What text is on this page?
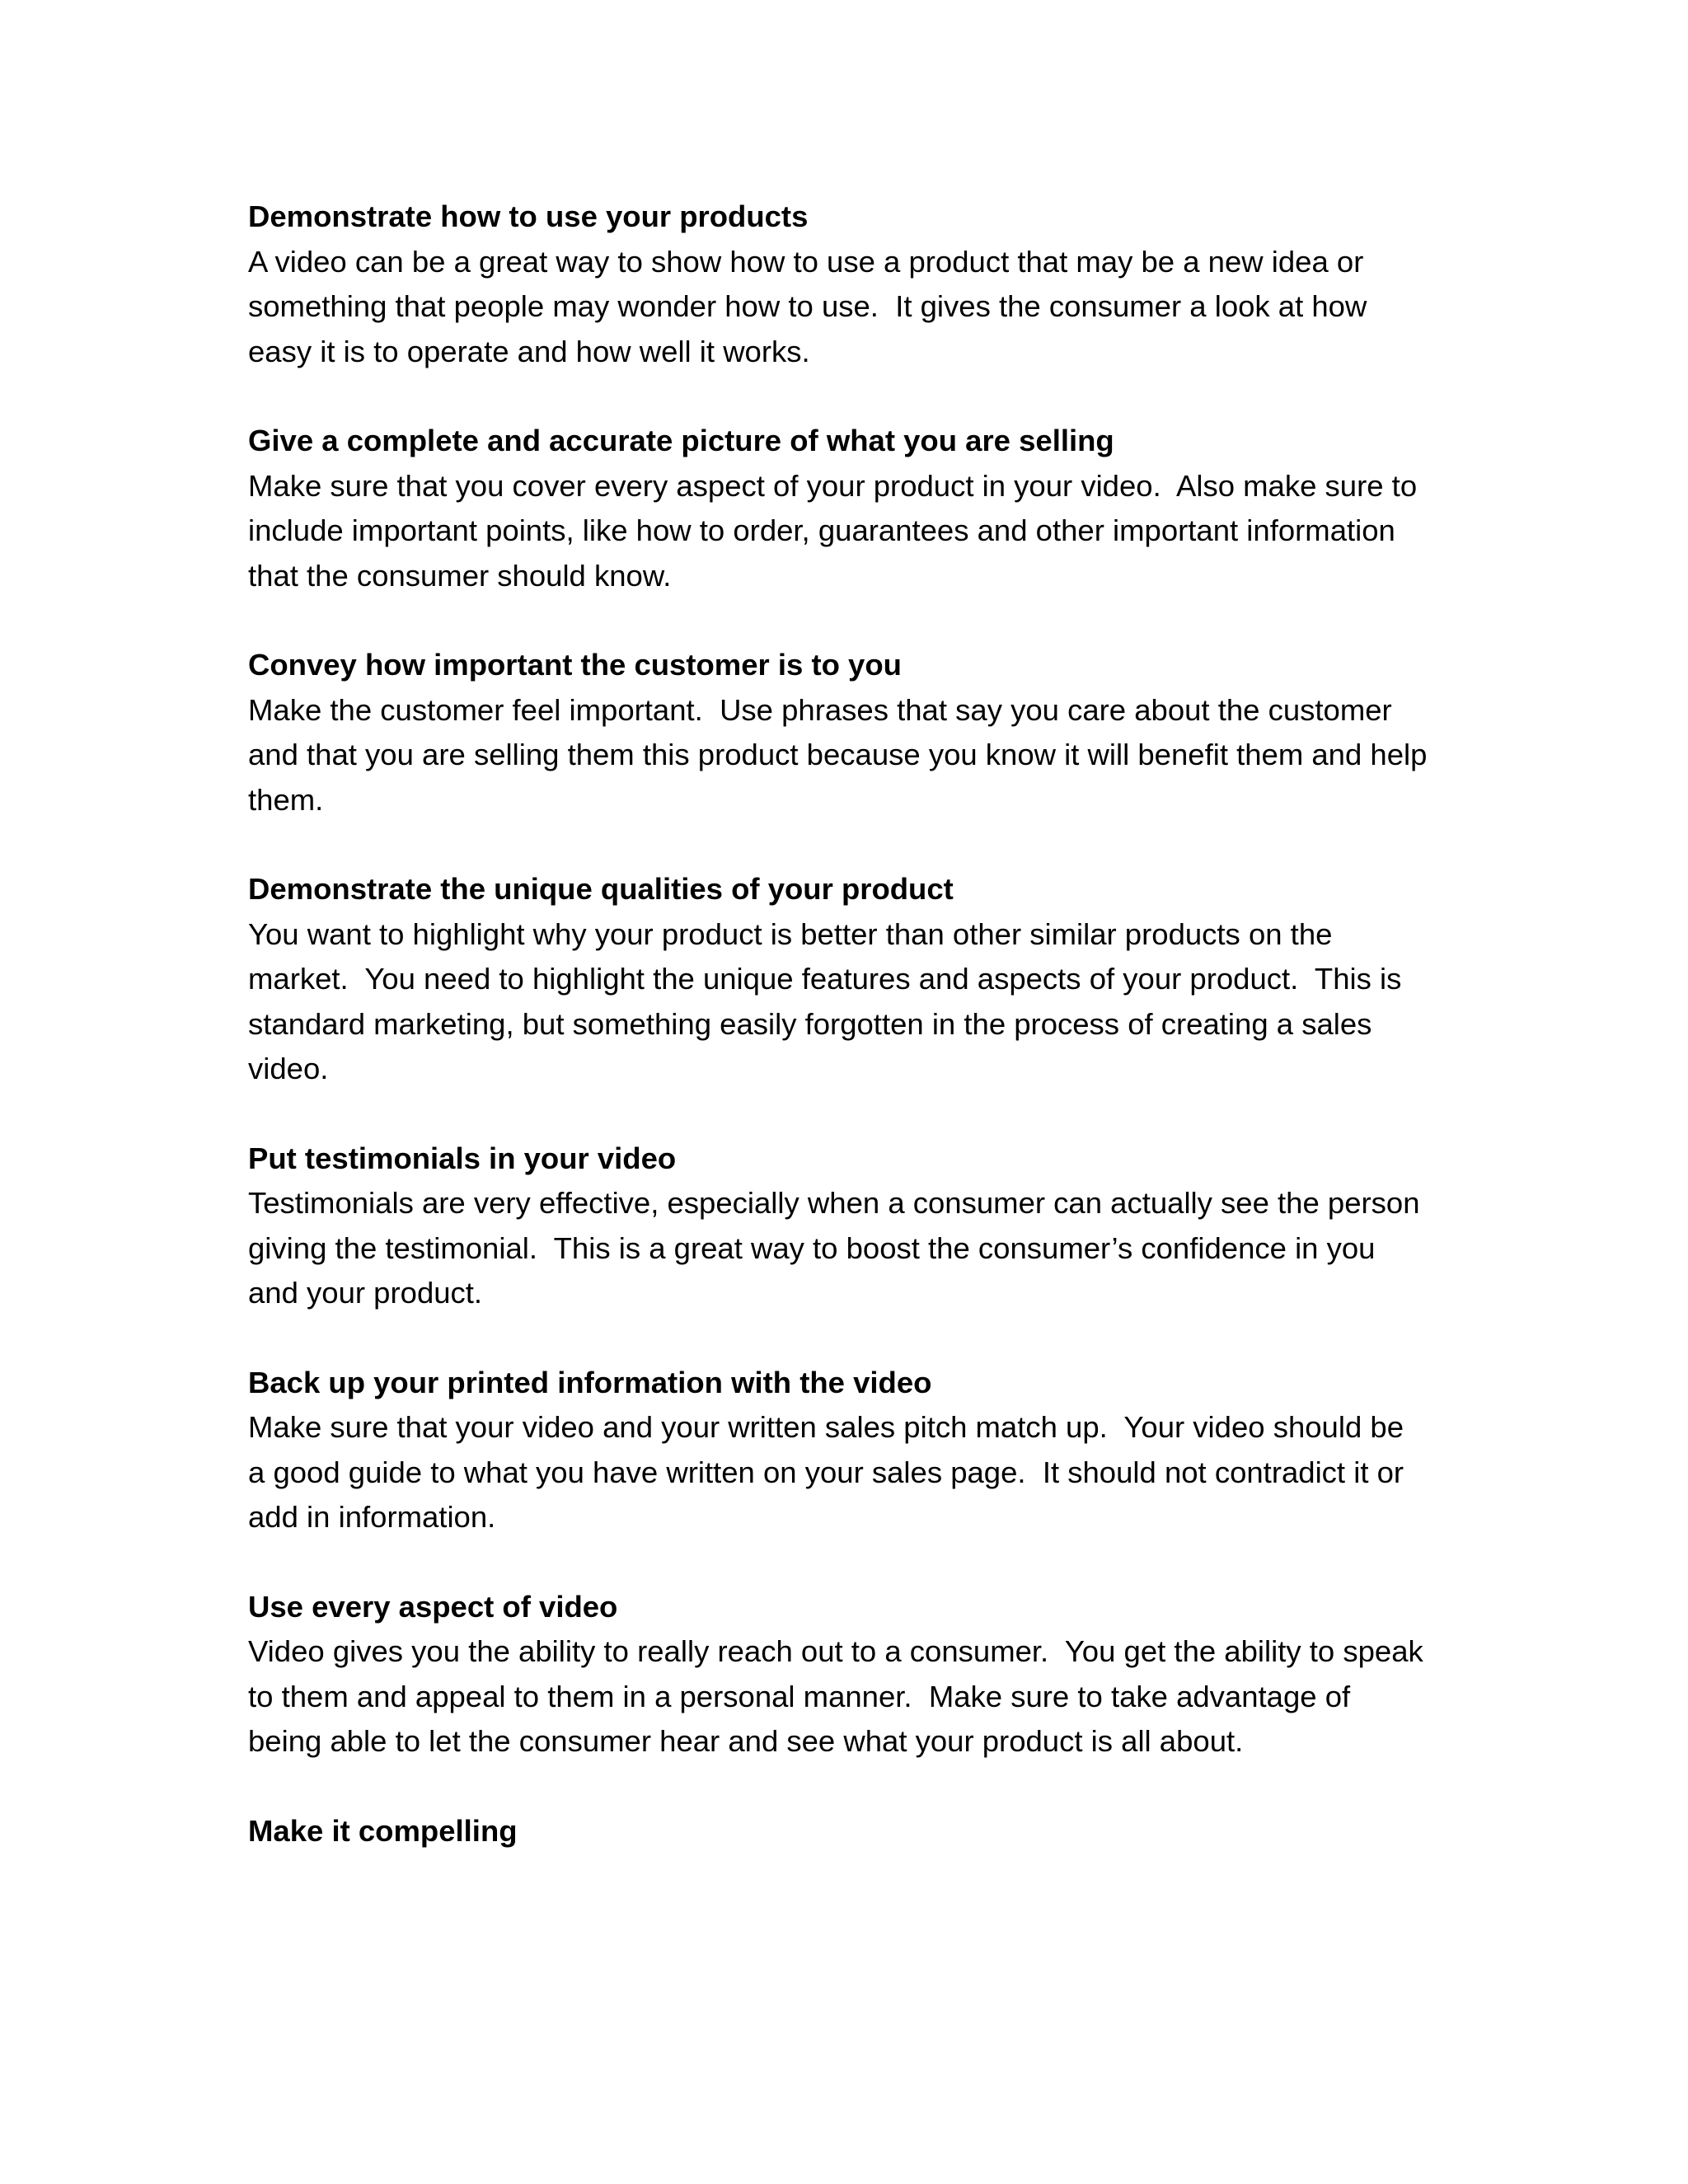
Demonstrate how to use your products

A video can be a great way to show how to use a product that may be a new idea or
something that people may wonder how to use.  It gives the consumer a look at how
easy it is to operate and how well it works.

Give a complete and accurate picture of what you are selling

Make sure that you cover every aspect of your product in your video.  Also make sure to
include important points, like how to order, guarantees and other important information
that the consumer should know.

Convey how important the customer is to you

Make the customer feel important.  Use phrases that say you care about the customer
and that you are selling them this product because you know it will benefit them and help
them.

Demonstrate the unique qualities of your product

You want to highlight why your product is better than other similar products on the
market.  You need to highlight the unique features and aspects of your product.  This is
standard marketing, but something easily forgotten in the process of creating a sales
video.

Put testimonials in your video

Testimonials are very effective, especially when a consumer can actually see the person
giving the testimonial.  This is a great way to boost the consumer’s confidence in you
and your product.

Back up your printed information with the video

Make sure that your video and your written sales pitch match up.  Your video should be
a good guide to what you have written on your sales page.  It should not contradict it or
add in information.

Use every aspect of video

Video gives you the ability to really reach out to a consumer.  You get the ability to speak
to them and appeal to them in a personal manner.  Make sure to take advantage of
being able to let the consumer hear and see what your product is all about.

Make it compelling
